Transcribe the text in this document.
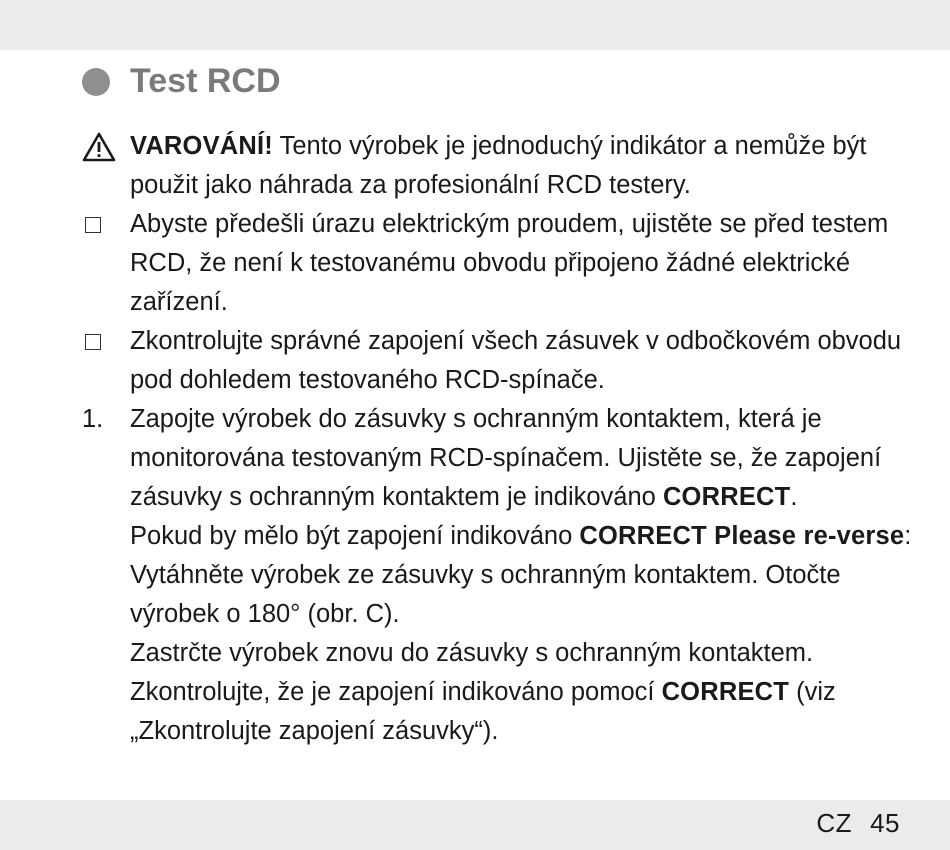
Test RCD

VAROVÁNÍ! Tento výrobek je jednoduchý indikátor a nemůže být použit jako náhrada za profesionální RCD testery.

Abyste předešli úrazu elektrickým proudem, ujistěte se před testem RCD, že není k testovanému obvodu připojeno žádné elektrické zařízení.

Zkontrolujte správné zapojení všech zásuvek v odbočkovém obvodu pod dohledem testovaného RCD-spínače.

1.	Zapojte výrobek do zásuvky s ochranným kontaktem, která je monitorována testovaným RCD-spínačem. Ujistěte se, že zapojení zásuvky s ochranným kontaktem je indikováno CORRECT.

Pokud by mělo být zapojení indikováno CORRECT Please re-verse: Vytáhněte výrobek ze zásuvky s ochranným kontaktem. Otočte výrobek o 180° (obr. C).

Zastrčte výrobek znovu do zásuvky s ochranným kontaktem. Zkontrolujte, že je zapojení indikováno pomocí CORRECT (viz „Zkontrolujte zapojení zásuvky“).

CZ 45
